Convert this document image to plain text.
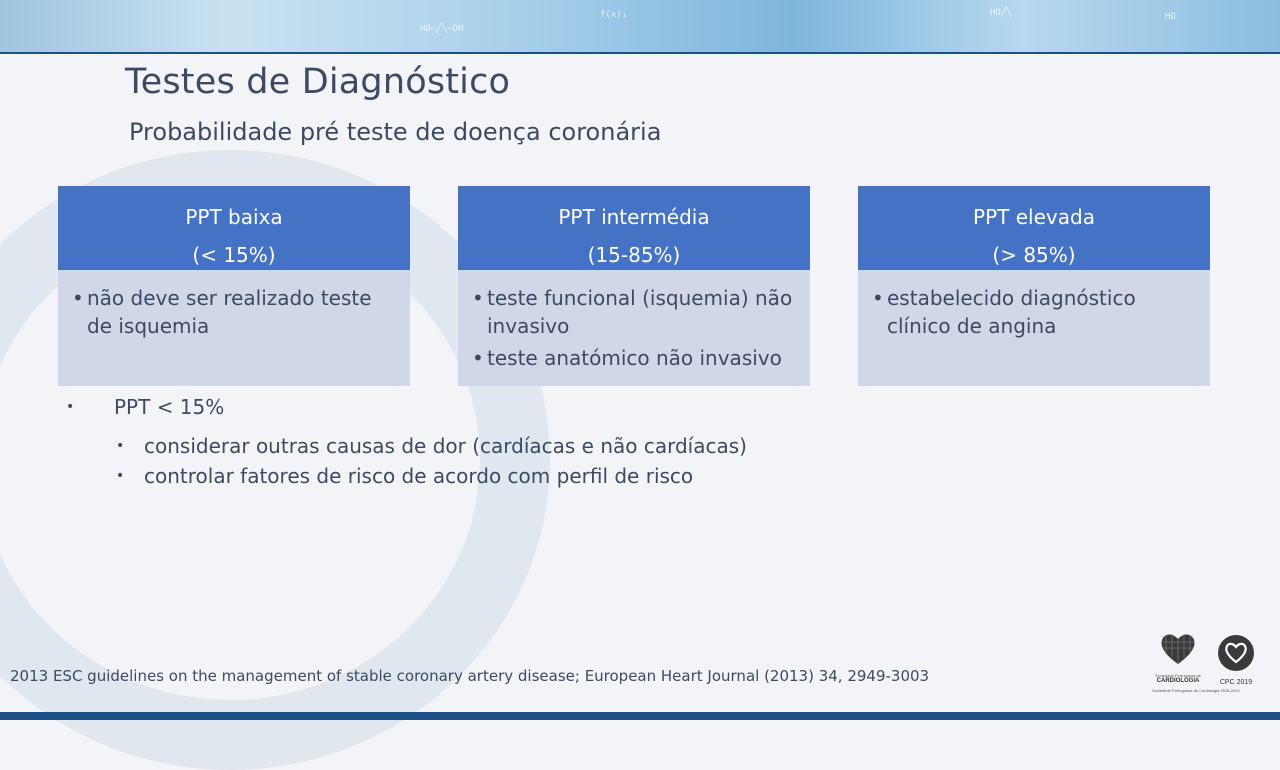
HO—╱╲—OH
f(x)₁	HO╱╲	HO
Testes de Diagnóstico
Probabilidade pré teste de doença coronária
PPT baixa
(< 15%)
• não deve ser realizado teste de isquemia
PPT intermédia
(15-85%)
• teste funcional (isquemia) não invasivo
• teste anatómico não invasivo
PPT elevada
(> 85%)
• estabelecido diagnóstico clínico de angina
•	PPT < 15%
• considerar outras causas de dor (cardíacas e não cardíacas)
• controlar fatores de risco de acordo com perfil de risco
2013 ESC guidelines on the management of stable coronary artery disease; European Heart Journal (2013) 34, 2949-3003	Sociedade Portuguesa de
CARDIOLOGIA	CPC 2019
Sociedade Portuguesa de Cardiologia 2018-2019
